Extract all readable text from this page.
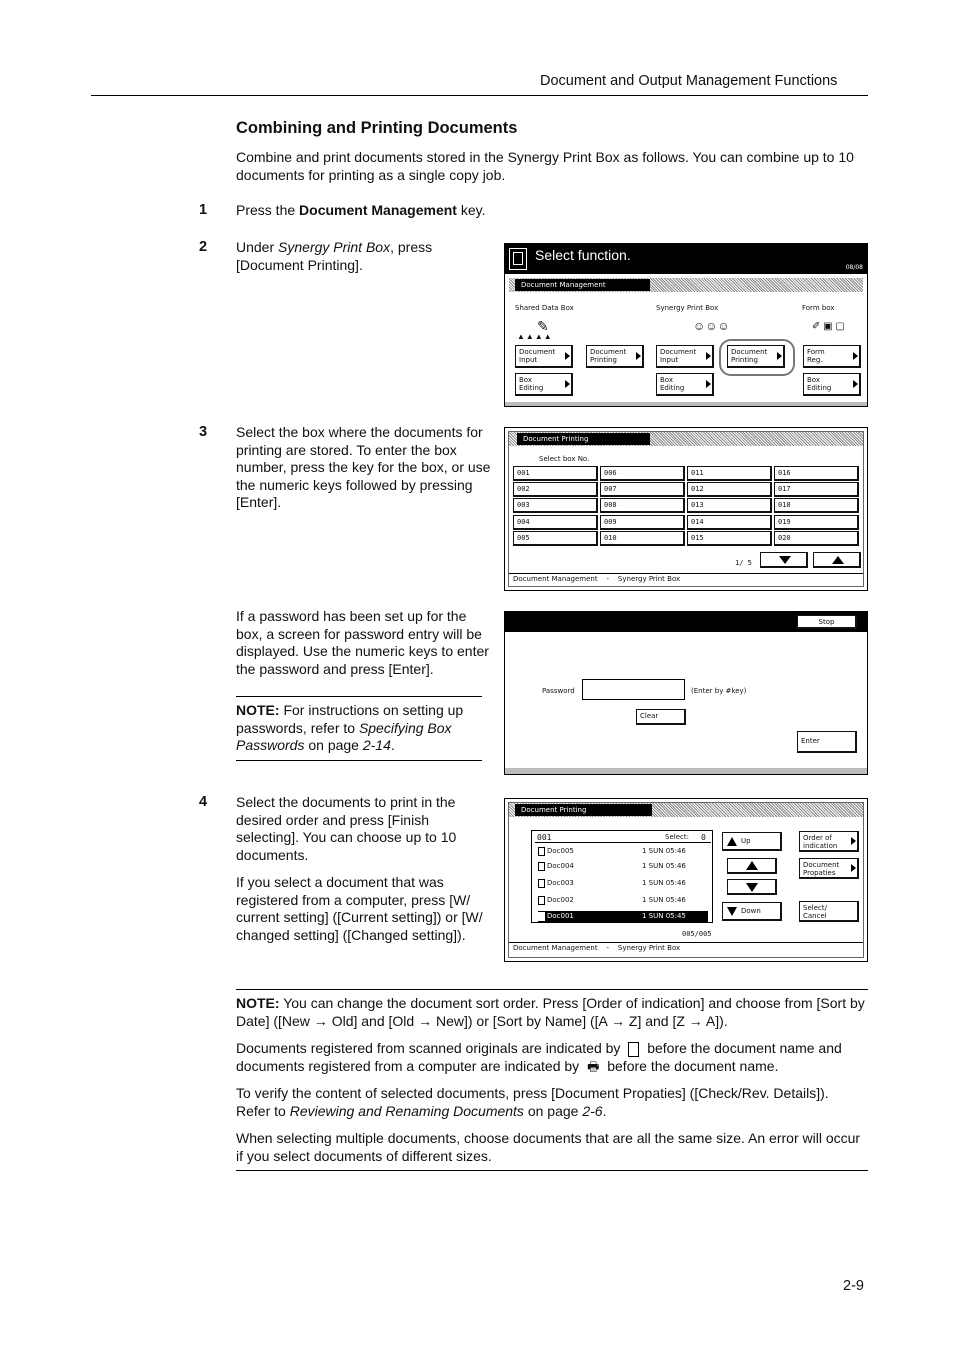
Document and Output Management Functions
Combining and Printing Documents
Combine and print documents stored in the Synergy Print Box as follows. You can combine up to 10 documents for printing as a single copy job.
1 Press the Document Management key.
2 Under Synergy Print Box, press [Document Printing].
Select function.
08/08
Document Management
Shared Data Box	Synergy Print Box	Form box
✎
▲▲▲▲
☺☺☺	✐ ▣ ▢
Document
Input
Document
Printing
Document
Input
Document
Printing
Form
Reg.
Box
Editing
Box
Editing
Box
Editing
3 Select the box where the documents for printing are stored. To enter the box number, press the key for the box, or use the numeric keys followed by pressing [Enter].
Document Printing
Select box No.
1/ 5
Document Management    -    Synergy Print Box
001	006	011	016
002	007	012	017
003	008	013	018
004	009	014	019
005	010	015	020
If a password has been set up for the box, a screen for password entry will be displayed. Use the numeric keys to enter the password and press [Enter].
NOTE: For instructions on setting up passwords, refer to Specifying Box Passwords on page 2-14.
Stop
Password	(Enter by #key)
Clear
Enter
4 Select the documents to print in the desired order and press [Finish selecting]. You can choose up to 10 documents.
If you select a document that was registered from a computer, press [W/ current setting] ([Current setting]) or [W/ changed setting] ([Changed setting]).
Document Printing
001	Select: 0
005/005
Up
Down
Order of
indication
Document
Propaties
Select/
Cancel
Document Management    -    Synergy Print Box
Doc005	1 SUN 05:46
Doc004	1 SUN 05:46
Doc003	1 SUN 05:46
Doc002	1 SUN 05:46
Doc001	1 SUN 05:45
NOTE: You can change the document sort order. Press [Order of indication] and choose from [Sort by Date] ([New → Old] and [Old → New]) or [Sort by Name] ([A → Z] and [Z → A]).
Documents registered from scanned originals are indicated by before the document name and
documents registered from a computer are indicated by 🖶 before the document name.
To verify the content of selected documents, press [Document Propaties] ([Check/Rev. Details]).
Refer to Reviewing and Renaming Documents on page 2-6.
When selecting multiple documents, choose documents that are all the same size. An error will occur if you select documents of different sizes.
2-9
